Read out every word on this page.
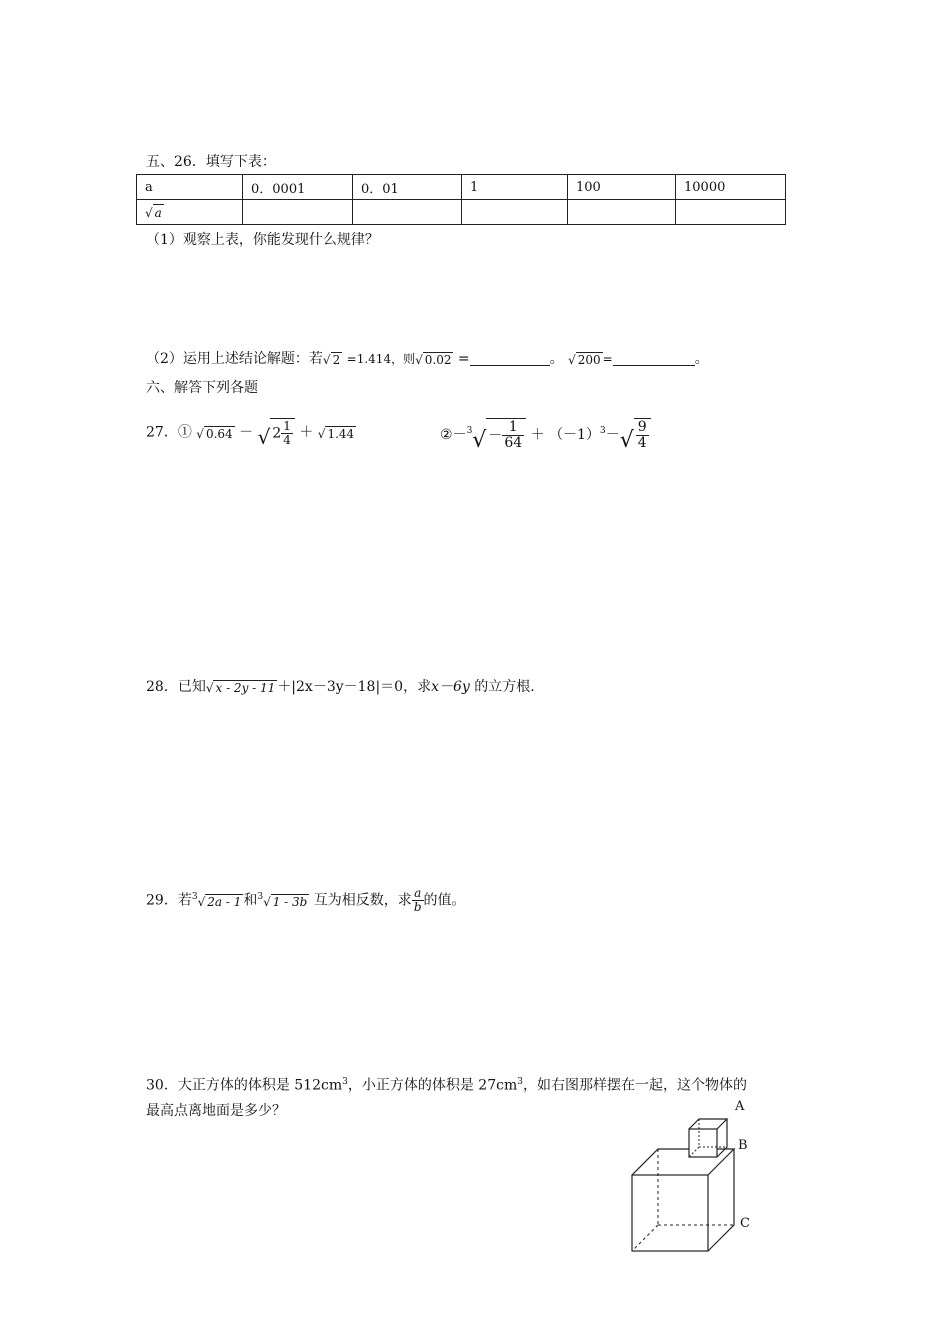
五、26．填写下表：
a	0．0001	0．01	1	100	10000
√ a					
（1）观察上表，你能发现什么规律？
（2）运用上述结论解题：若√ 2 =1.414，则√ 0.02 =	。 √ 200 =	。
六、解答下列各题
27．① √ 0.64 － √ $2 \frac{1}{4}$ ＋ √ 1.44	②－$^3$√ － $\frac{1}{64} + (-1)^3-√ \frac{9}{4}$
28．已知√ x - 2y - 11 ＋|2x－3y－18|＝0，求x－6y 的立方根.
29．若$^3$√ 2a - 1 和$^3$√ 1 - 3b 互为相反数，求 $\frac{a}{b}$ 的值。
30．大正方体的体积是 $512cm^3$，小正方体的体积是 $27cm^3$，如右图那样摆在一起，这个物体的
最高点离地面是多少？	A
B
C
